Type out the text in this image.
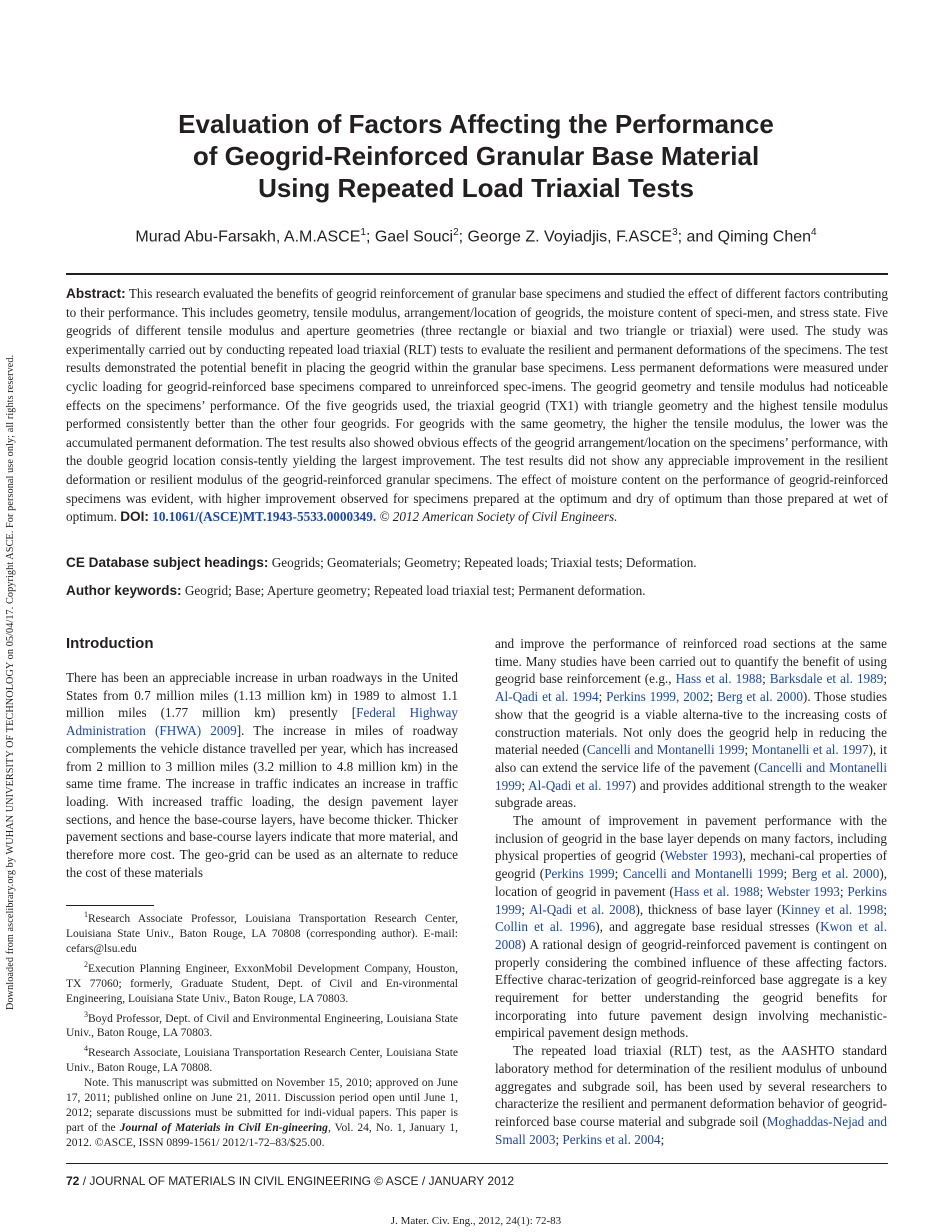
Downloaded from ascelibrary.org by WUHAN UNIVERSITY OF TECHNOLOGY on 05/04/17. Copyright ASCE. For personal use only; all rights reserved.
Evaluation of Factors Affecting the Performance
of Geogrid-Reinforced Granular Base Material
Using Repeated Load Triaxial Tests
Murad Abu-Farsakh, A.M.ASCE$^1$; Gael Souci$^2$; George Z. Voyiadjis, F.ASCE$^3$; and Qiming Chen$^4$
Abstract: This research evaluated the benefits of geogrid reinforcement of granular base specimens and studied the effect of different factors contributing to their performance. This includes geometry, tensile modulus, arrangement/location of geogrids, the moisture content of speci-men, and stress state. Five geogrids of different tensile modulus and aperture geometries (three rectangle or biaxial and two triangle or triaxial) were used. The study was experimentally carried out by conducting repeated load triaxial (RLT) tests to evaluate the resilient and permanent deformations of the specimens. The test results demonstrated the potential benefit in placing the geogrid within the granular base specimens. Less permanent deformations were measured under cyclic loading for geogrid-reinforced base specimens compared to unreinforced spec-imens. The geogrid geometry and tensile modulus had noticeable effects on the specimens’ performance. Of the five geogrids used, the triaxial geogrid (TX1) with triangle geometry and the highest tensile modulus performed consistently better than the other four geogrids. For geogrids with the same geometry, the higher the tensile modulus, the lower was the accumulated permanent deformation. The test results also showed obvious effects of the geogrid arrangement/location on the specimens’ performance, with the double geogrid location consis-tently yielding the largest improvement. The test results did not show any appreciable improvement in the resilient deformation or resilient modulus of the geogrid-reinforced granular specimens. The effect of moisture content on the performance of geogrid-reinforced specimens was evident, with higher improvement observed for specimens prepared at the optimum and dry of optimum than those prepared at wet of optimum. DOI: 10.1061/(ASCE)MT.1943-5533.0000349. © 2012 American Society of Civil Engineers.
CE Database subject headings: Geogrids; Geomaterials; Geometry; Repeated loads; Triaxial tests; Deformation.
Author keywords: Geogrid; Base; Aperture geometry; Repeated load triaxial test; Permanent deformation.
Introduction

There has been an appreciable increase in urban roadways in the United States from 0.7 million miles (1.13 million km) in 1989 to almost 1.1 million miles (1.77 million km) presently [Federal Highway Administration (FHWA) 2009]. The increase in miles of roadway complements the vehicle distance travelled per year, which has increased from 2 million to 3 million miles (3.2 million to 4.8 million km) in the same time frame. The increase in traffic indicates an increase in traffic loading. With increased traffic loading, the design pavement layer sections, and hence the base-course layers, have become thicker. Thicker pavement sections and base-course layers indicate that more material, and therefore more cost. The geo-grid can be used as an alternate to reduce the cost of these materials

$^1$Research Associate Professor, Louisiana Transportation Research Center, Louisiana State Univ., Baton Rouge, LA 70808 (corresponding author). E-mail: cefars@lsu.edu

$^2$Execution Planning Engineer, ExxonMobil Development Company, Houston, TX 77060; formerly, Graduate Student, Dept. of Civil and En-vironmental Engineering, Louisiana State Univ., Baton Rouge, LA 70803.

$^3$Boyd Professor, Dept. of Civil and Environmental Engineering, Louisiana State Univ., Baton Rouge, LA 70803.

$^4$Research Associate, Louisiana Transportation Research Center, Louisiana State Univ., Baton Rouge, LA 70808.

Note. This manuscript was submitted on November 15, 2010; approved on June 17, 2011; published online on June 21, 2011. Discussion period open until June 1, 2012; separate discussions must be submitted for indi-vidual papers. This paper is part of the Journal of Materials in Civil En-gineering, Vol. 24, No. 1, January 1, 2012. ©ASCE, ISSN 0899-1561/ 2012/1-72–83/$25.00.

and improve the performance of reinforced road sections at the same time. Many studies have been carried out to quantify the benefit of using geogrid base reinforcement (e.g., Hass et al. 1988; Barksdale et al. 1989; Al-Qadi et al. 1994; Perkins 1999, 2002; Berg et al. 2000). Those studies show that the geogrid is a viable alterna-tive to the increasing costs of construction materials. Not only does the geogrid help in reducing the material needed (Cancelli and Montanelli 1999; Montanelli et al. 1997), it also can extend the service life of the pavement (Cancelli and Montanelli 1999; Al-Qadi et al. 1997) and provides additional strength to the weaker subgrade areas.

The amount of improvement in pavement performance with the inclusion of geogrid in the base layer depends on many factors, including physical properties of geogrid (Webster 1993), mechani-cal properties of geogrid (Perkins 1999; Cancelli and Montanelli 1999; Berg et al. 2000), location of geogrid in pavement (Hass et al. 1988; Webster 1993; Perkins 1999; Al-Qadi et al. 2008), thickness of base layer (Kinney et al. 1998; Collin et al. 1996), and aggregate base residual stresses (Kwon et al. 2008) A rational design of geogrid-reinforced pavement is contingent on properly considering the combined influence of these affecting factors. Effective charac-terization of geogrid-reinforced base aggregate is a key requirement for better understanding the geogrid benefits for incorporating into future pavement design involving mechanistic-empirical pavement design methods.

The repeated load triaxial (RLT) test, as the AASHTO standard laboratory method for determination of the resilient modulus of unbound aggregates and subgrade soil, has been used by several researchers to characterize the resilient and permanent deformation behavior of geogrid-reinforced base course material and subgrade soil (Moghaddas-Nejad and Small 2003; Perkins et al. 2004;

72 / JOURNAL OF MATERIALS IN CIVIL ENGINEERING © ASCE / JANUARY 2012
J. Mater. Civ. Eng., 2012, 24(1): 72-83
